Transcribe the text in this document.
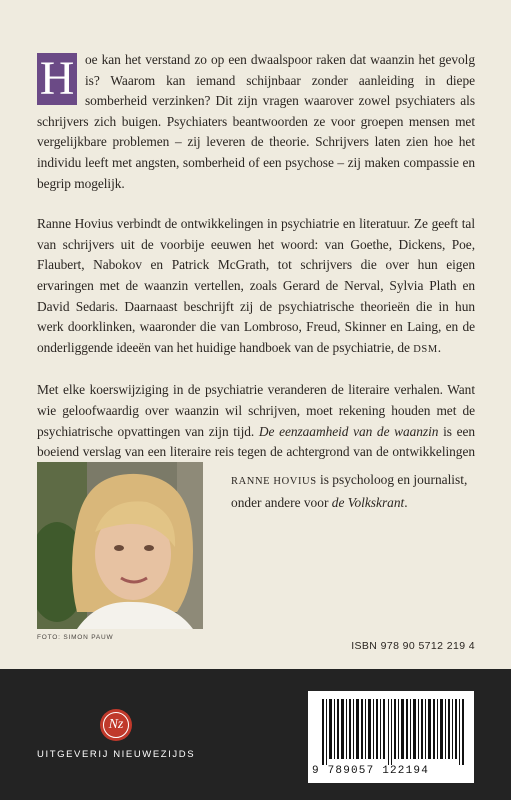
H oe kan het verstand zo op een dwaalspoor raken dat waanzin het gevolg is? Waarom kan iemand schijnbaar zonder aanleiding in diepe somberheid verzinken? Dit zijn vragen waarover zowel psychiaters als schrijvers zich buigen. Psychiaters beantwoorden ze voor groepen mensen met vergelijkbare problemen – zij leveren de theorie. Schrijvers laten zien hoe het individu leeft met angsten, somberheid of een psychose – zij maken compassie en begrip mogelijk.

Ranne Hovius verbindt de ontwikkelingen in psychiatrie en literatuur. Ze geeft tal van schrijvers uit de voorbije eeuwen het woord: van Goethe, Dickens, Poe, Flaubert, Nabokov en Patrick McGrath, tot schrijvers die over hun eigen ervaringen met de waanzin vertellen, zoals Gerard de Nerval, Sylvia Plath en David Sedaris. Daarnaast beschrijft zij de psychiatrische theorieën die in hun werk doorklinken, waaronder die van Lombroso, Freud, Skinner en Laing, en de onderliggende ideeën van het huidige handboek van de psychiatrie, de DSM.

Met elke koerswijziging in de psychiatrie veranderen de literaire verhalen. Want wie geloofwaardig over waanzin wil schrijven, moet rekening houden met de psychiatrische opvattingen van zijn tijd. De eenzaamheid van de waanzin is een boeiend verslag van een literaire reis tegen de achtergrond van de ontwikkelingen

FOTO: SIMON PAUW
RANNE HOVIUS is psycholoog en journalist, onder andere voor de Volkskrant.
ISBN 978 90 5712 219 4
Nz
UITGEVERIJ NIEUWEZIJDS
9 789057 122194
